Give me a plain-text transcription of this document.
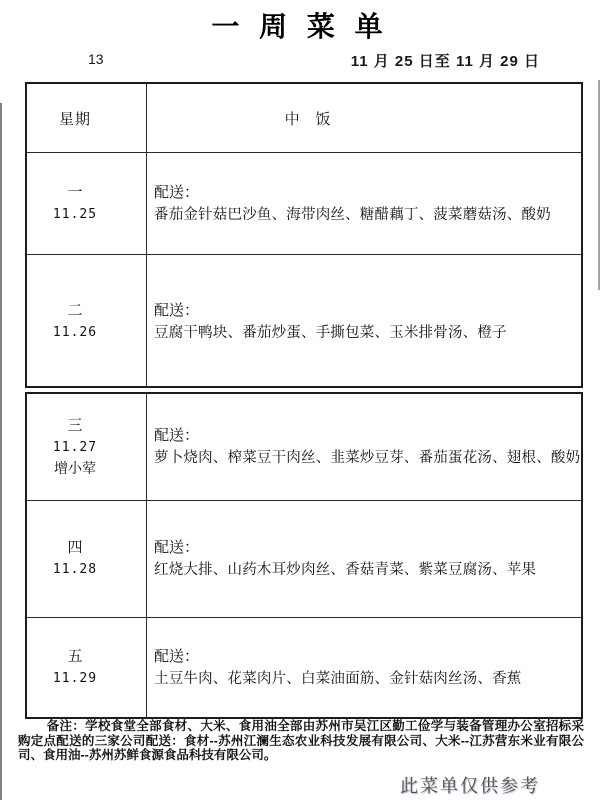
一 周 菜 单
13	11 月 25 日至 11 月 29 日
星期	中 饭
一
11.25
配送：
番茄金针菇巴沙鱼、海带肉丝、糖醋藕丁、菠菜蘑菇汤、酸奶
二
11.26
配送：
豆腐干鸭块、番茄炒蛋、手撕包菜、玉米排骨汤、橙子
三
11.27
增小荤
配送：
萝卜烧肉、榨菜豆干肉丝、韭菜炒豆芽、番茄蛋花汤、翅根、酸奶
四
11.28
配送：
红烧大排、山药木耳炒肉丝、香菇青菜、紫菜豆腐汤、苹果
五
11.29
配送：
土豆牛肉、花菜肉片、白菜油面筋、金针菇肉丝汤、香蕉
备注：学校食堂全部食材、大米、食用油全部由苏州市吴江区勤工俭学与装备管理办公室招标采购定点配送的三家公司配送：食材--苏州江澜生态农业科技发展有限公司、大米--江苏营东米业有限公司、食用油--苏州苏鲜食源食品科技有限公司。
此菜单仅供参考
